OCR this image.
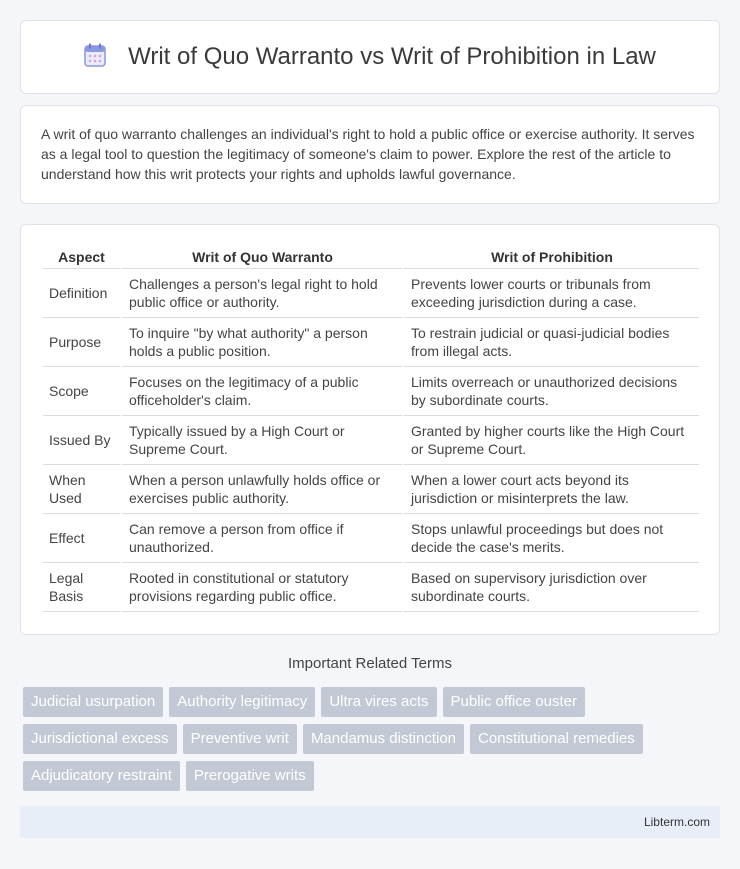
Writ of Quo Warranto vs Writ of Prohibition in Law

A writ of quo warranto challenges an individual's right to hold a public office or exercise authority. It serves as a legal tool to question the legitimacy of someone's claim to power. Explore the rest of the article to understand how this writ protects your rights and upholds lawful governance.

Aspect	Writ of Quo Warranto	Writ of Prohibition
Definition	Challenges a person's legal right to hold public office or authority.	Prevents lower courts or tribunals from exceeding jurisdiction during a case.
Purpose	To inquire "by what authority" a person holds a public position.	To restrain judicial or quasi-judicial bodies from illegal acts.
Scope	Focuses on the legitimacy of a public officeholder's claim.	Limits overreach or unauthorized decisions by subordinate courts.
Issued By	Typically issued by a High Court or Supreme Court.	Granted by higher courts like the High Court or Supreme Court.
When Used	When a person unlawfully holds office or exercises public authority.	When a lower court acts beyond its jurisdiction or misinterprets the law.
Effect	Can remove a person from office if unauthorized.	Stops unlawful proceedings but does not decide the case's merits.
Legal Basis	Rooted in constitutional or statutory provisions regarding public office.	Based on supervisory jurisdiction over subordinate courts.
Important Related Terms
Judicial usurpation	Authority legitimacy	Ultra vires acts	Public office ouster
Jurisdictional excess	Preventive writ	Mandamus distinction	Constitutional remedies
Adjudicatory restraint	Prerogative writs
Libterm.com
